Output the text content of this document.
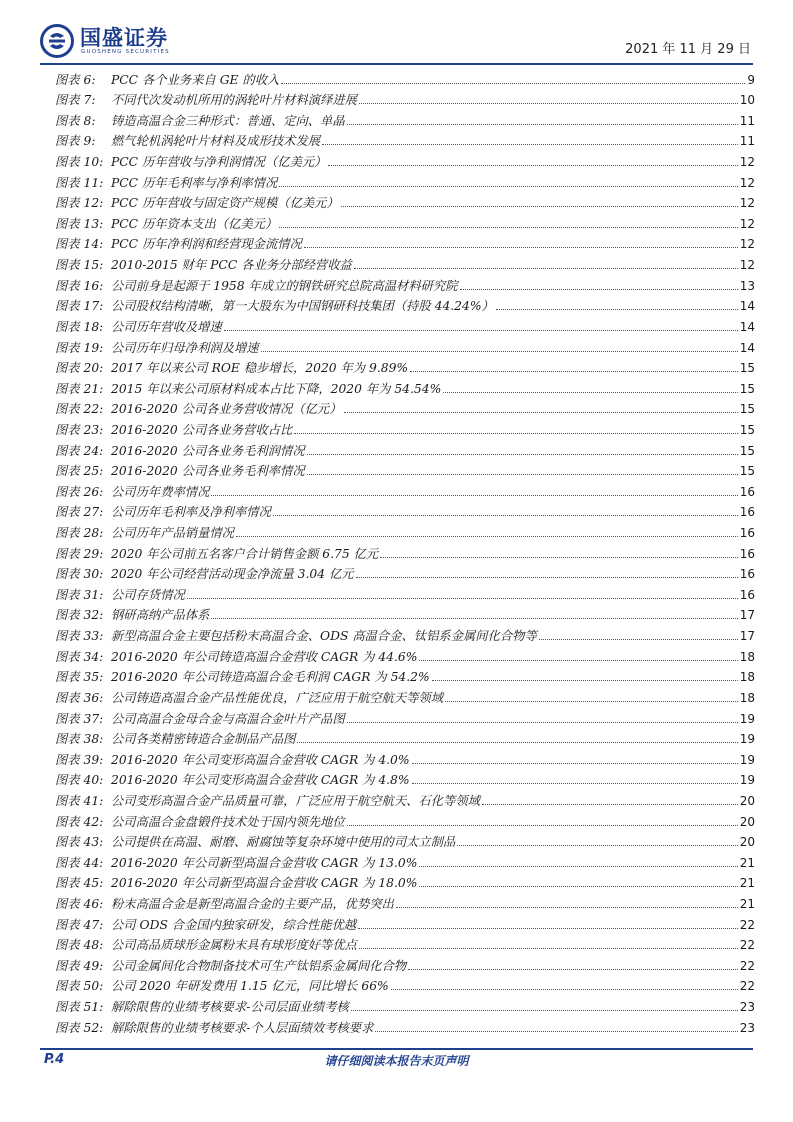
国盛证券
GUOSHENG SECURITIES	2021 年 11 月 29 日
图表 6:	PCC 各个业务来自 GE 的收入	9
图表 7:	不同代次发动机所用的涡轮叶片材料演绎进展	10
图表 8:	铸造高温合金三种形式：普通、定向、单晶	11
图表 9:	燃气轮机涡轮叶片材料及成形技术发展	11
图表 10: PCC 历年营收与净利润情况（亿美元）	12
图表 11: PCC 历年毛利率与净利率情况	12
图表 12: PCC 历年营收与固定资产规模（亿美元）	12
图表 13: PCC 历年资本支出（亿美元）	12
图表 14: PCC 历年净利润和经营现金流情况	12
图表 15: 2010-2015 财年 PCC 各业务分部经营收益	12
图表 16: 公司前身是起源于 1958 年成立的钢铁研究总院高温材料研究院	13
图表 17: 公司股权结构清晰，第一大股东为中国钢研科技集团（持股 44.24%）	14
图表 18: 公司历年营收及增速	14
图表 19: 公司历年归母净利润及增速	14
图表 20: 2017 年以来公司 ROE 稳步增长，2020 年为 9.89%	15
图表 21: 2015 年以来公司原材料成本占比下降，2020 年为 54.54%	15
图表 22: 2016-2020 公司各业务营收情况（亿元）	15
图表 23: 2016-2020 公司各业务营收占比	15
图表 24: 2016-2020 公司各业务毛利润情况	15
图表 25: 2016-2020 公司各业务毛利率情况	15
图表 26: 公司历年费率情况	16
图表 27: 公司历年毛利率及净利率情况	16
图表 28: 公司历年产品销量情况	16
图表 29: 2020 年公司前五名客户合计销售金额 6.75 亿元	16
图表 30: 2020 年公司经营活动现金净流量 3.04 亿元	16
图表 31: 公司存货情况	16
图表 32: 钢研高纳产品体系	17
图表 33: 新型高温合金主要包括粉末高温合金、ODS 高温合金、钛铝系金属间化合物等	17
图表 34: 2016-2020 年公司铸造高温合金营收 CAGR 为 44.6%	18
图表 35: 2016-2020 年公司铸造高温合金毛利润 CAGR 为 54.2%	18
图表 36: 公司铸造高温合金产品性能优良，广泛应用于航空航天等领域	18
图表 37: 公司高温合金母合金与高温合金叶片产品图	19
图表 38: 公司各类精密铸造合金制品产品图	19
图表 39: 2016-2020 年公司变形高温合金营收 CAGR 为 4.0%	19
图表 40: 2016-2020 年公司变形高温合金营收 CAGR 为 4.8%	19
图表 41: 公司变形高温合金产品质量可靠，广泛应用于航空航天、石化等领域	20
图表 42: 公司高温合金盘锻件技术处于国内领先地位	20
图表 43: 公司提供在高温、耐磨、耐腐蚀等复杂环境中使用的司太立制品	20
图表 44: 2016-2020 年公司新型高温合金营收 CAGR 为 13.0%	21
图表 45: 2016-2020 年公司新型高温合金营收 CAGR 为 18.0%	21
图表 46: 粉末高温合金是新型高温合金的主要产品，优势突出	21
图表 47: 公司 ODS 合金国内独家研发，综合性能优越	22
图表 48: 公司高品质球形金属粉末具有球形度好等优点	22
图表 49: 公司金属间化合物制备技术可生产钛铝系金属间化合物	22
图表 50: 公司 2020 年研发费用 1.15 亿元，同比增长 66%	22
图表 51: 解除限售的业绩考核要求-公司层面业绩考核	23
图表 52: 解除限售的业绩考核要求-个人层面绩效考核要求	23
P.4	请仔细阅读本报告末页声明
